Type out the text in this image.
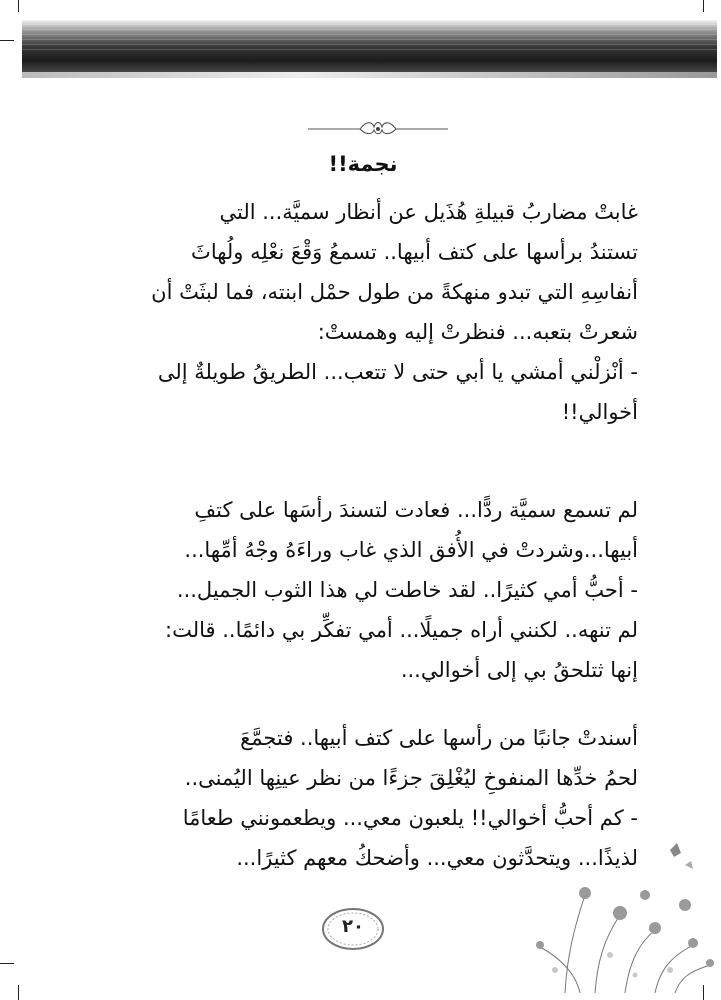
نجمة!!
غابتْ مضاربُ قبيلةِ هُذَيل عن أنظار سميَّة... التي
تستندُ برأسها على كتف أبيها.. تسمعُ وَقْعَ نعْلِه ولُهاثَ
أنفاسِهِ التي تبدو منهكةً من طول حمْل ابنته، فما لبثَتْ أن
شعرتْ بتعبه... فنظرتْ إليه وهمستْ:
- أنْزلْني أمشي يا أبي حتى لا تتعب... الطريقُ طويلةٌ إلى
أخوالي!!
لم تسمع سميَّة ردًّا... فعادت لتسندَ رأسَها على كتفِ
أبيها...وشردتْ في الأُفق الذي غاب وراءَهُ وجْهُ أمِّها...
- أحبُّ أمي كثيرًا.. لقد خاطت لي هذا الثوب الجميل...
لم تنهه.. لكنني أراه جميلًا... أمي تفكِّر بي دائمًا.. قالت:
إنها ثتلحقُ بي إلى أخوالي...
أسندتْ جانبًا من رأسها على كتف أبيها.. فتجمَّعَ
لحمُ خدِّها المنفوخِ ليُغْلِقَ جزءًا من نظر عينِها اليُمنى..
- كم أحبُّ أخوالي!! يلعبون معي... ويطعمونني طعامًا
لذيذًا... ويتحدَّثون معي... وأضحكُ معهم كثيرًا...
٢٠
